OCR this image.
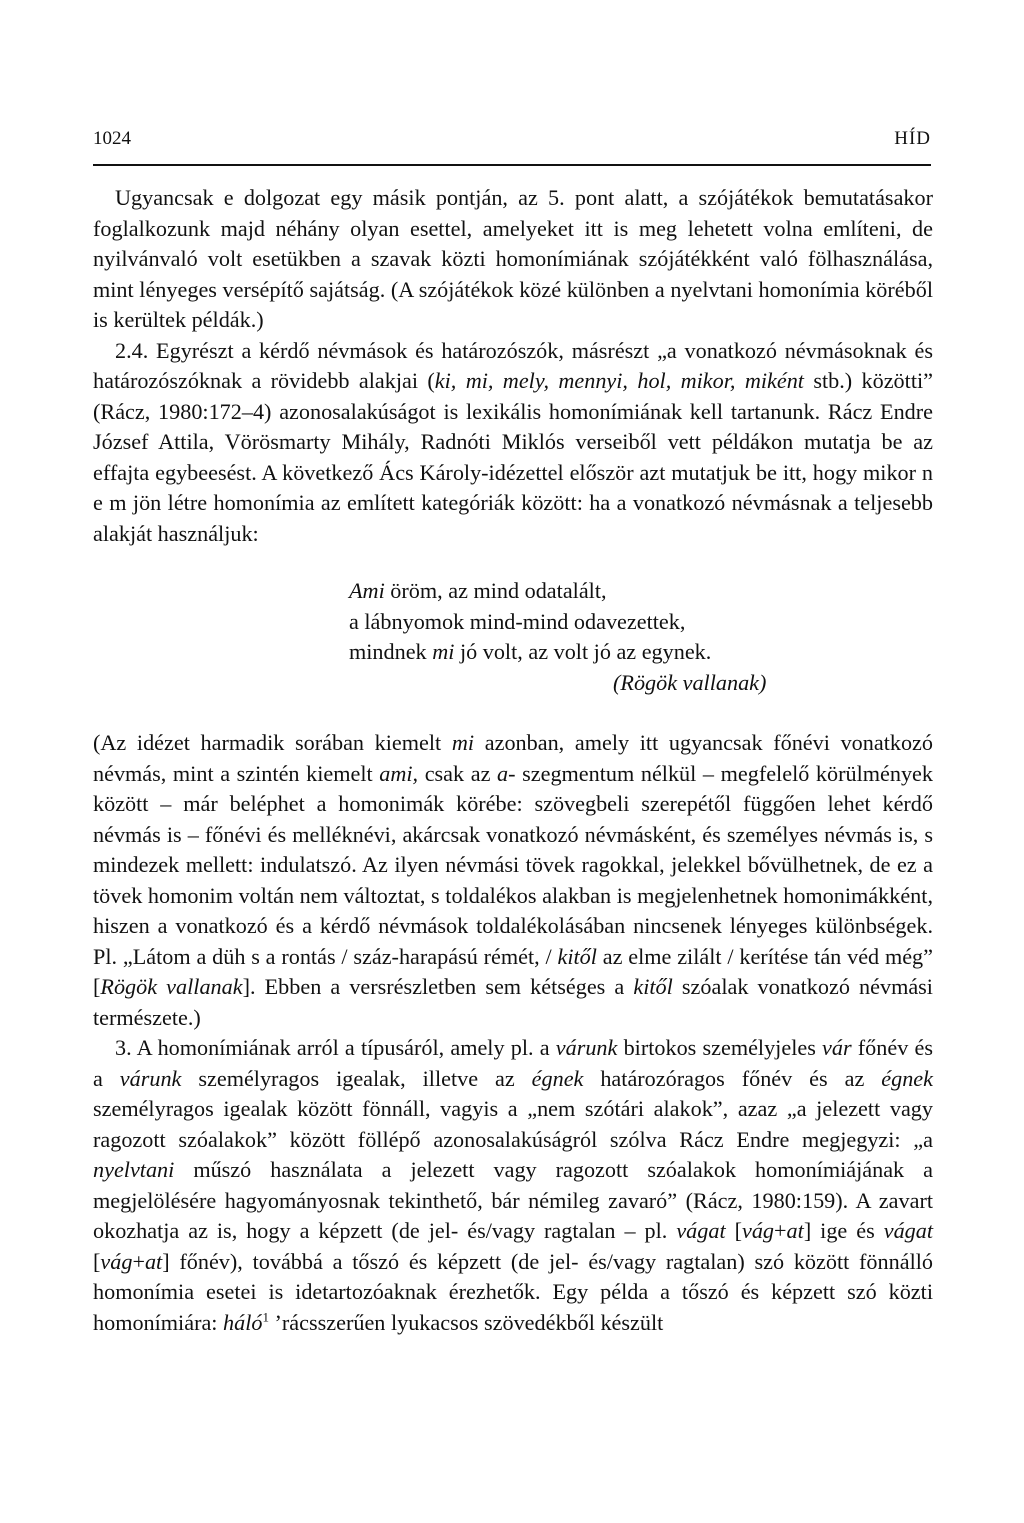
1024	HÍD

Ugyancsak e dolgozat egy másik pontján, az 5. pont alatt, a szójátékok bemutatásakor foglalkozunk majd néhány olyan esettel, amelyeket itt is meg lehetett volna említeni, de nyilvánvaló volt esetükben a szavak közti homonímiának szójátékként való fölhasználása, mint lényeges versépítő sajátság. (A szójátékok közé különben a nyelvtani homonímia köréből is kerültek példák.)

2.4. Egyrészt a kérdő névmások és határozószók, másrészt „a vonatkozó névmásoknak és határozószóknak a rövidebb alakjai (ki, mi, mely, mennyi, hol, mikor, miként stb.) közötti” (Rácz, 1980:172–4) azonosalakúságot is lexikális homonímiának kell tartanunk. Rácz Endre József Attila, Vörösmarty Mihály, Radnóti Miklós verseiből vett példákon mutatja be az effajta egybeesést. A következő Ács Károly-idézettel először azt mutatjuk be itt, hogy mikor n e m jön létre homonímia az említett kategóriák között: ha a vonatkozó névmásnak a teljesebb alakját használjuk:

Ami öröm, az mind odatalált,
a lábnyomok mind-mind odavezettek,
mindnek mi jó volt, az volt jó az egynek.
(Rögök vallanak)

(Az idézet harmadik sorában kiemelt mi azonban, amely itt ugyancsak főnévi vonatkozó névmás, mint a szintén kiemelt ami, csak az a- szegmentum nélkül – megfelelő körülmények között – már beléphet a homonimák körébe: szövegbeli szerepétől függően lehet kérdő névmás is – főnévi és melléknévi, akárcsak vonatkozó névmásként, és személyes névmás is, s mindezek mellett: indulatszó. Az ilyen névmási tövek ragokkal, jelekkel bővülhetnek, de ez a tövek homonim voltán nem változtat, s toldalékos alakban is megjelenhetnek homonimákként, hiszen a vonatkozó és a kérdő névmások toldalékolásában nincsenek lényeges különbségek. Pl. „Látom a düh s a rontás / száz-harapású rémét, / kitől az elme zilált / kerítése tán véd még” [Rögök vallanak]. Ebben a versrészletben sem kétséges a kitől szóalak vonatkozó névmási természete.)

3. A homonímiának arról a típusáról, amely pl. a várunk birtokos személyjeles vár főnév és a várunk személyragos igealak, illetve az égnek határozóragos főnév és az égnek személyragos igealak között fönnáll, vagyis a „nem szótári alakok”, azaz „a jelezett vagy ragozott szóalakok” között föllépő azonosalakúságról szólva Rácz Endre megjegyzi: „a nyelvtani műszó használata a jelezett vagy ragozott szóalakok homonímiájának a megjelölésére hagyományosnak tekinthető, bár némileg zavaró” (Rácz, 1980:159). A zavart okozhatja az is, hogy a képzett (de jel- és/vagy ragtalan – pl. vágat [vág+at] ige és vágat [vág+at] főnév), továbbá a tőszó és képzett (de jel- és/vagy ragtalan) szó között fönnálló homonímia esetei is idetartozóaknak érezhetők. Egy példa a tőszó és képzett szó közti homonímiára: háló$^1$ ’rácsszerűen lyukacsos szövedékből készült
